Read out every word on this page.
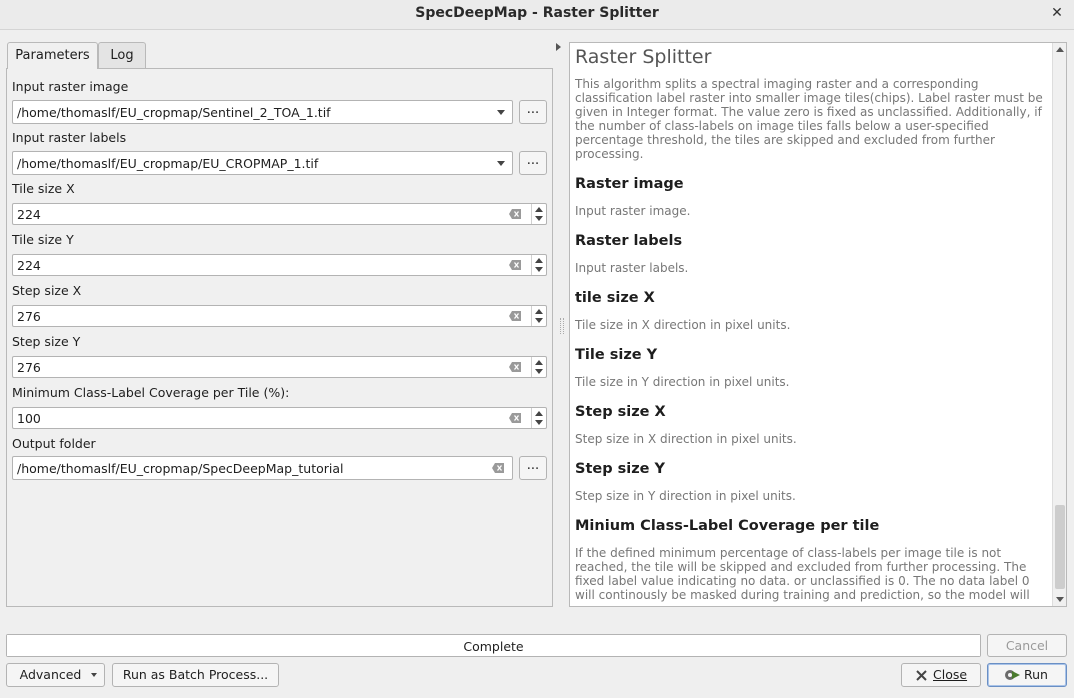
SpecDeepMap - Raster Splitter	✕
Parameters	Log
Input raster image
/home/thomaslf/EU_cropmap/Sentinel_2_TOA_1.tif	...
Input raster labels
/home/thomaslf/EU_cropmap/EU_CROPMAP_1.tif	...
Tile size X
224
Tile size Y
224
Step size X
276
Step size Y
276
Minimum Class-Label Coverage per Tile (%):
100
Output folder
/home/thomaslf/EU_cropmap/SpecDeepMap_tutorial	...
Raster Splitter

This algorithm splits a spectral imaging raster and a corresponding classification label raster into smaller image tiles(chips). Label raster must be given in Integer format. The value zero is fixed as unclassified. Additionally, if the number of class-labels on image tiles falls below a user-specified percentage threshold, the tiles are skipped and excluded from further processing.

Raster image

Input raster image.

Raster labels

Input raster labels.

tile size X

Tile size in X direction in pixel units.

Tile size Y

Tile size in Y direction in pixel units.

Step size X

Step size in X direction in pixel units.

Step size Y

Step size in Y direction in pixel units.

Minium Class-Label Coverage per tile

If the defined minimum percentage of class-labels per image tile is not reached, the tile will be skipped and excluded from further processing. The fixed label value indicating no data. or unclassified is 0. The no data label 0 will continously be masked during training and prediction, so the model will

Complete	Cancel
Advanced	Run as Batch Process...	Close	Run
